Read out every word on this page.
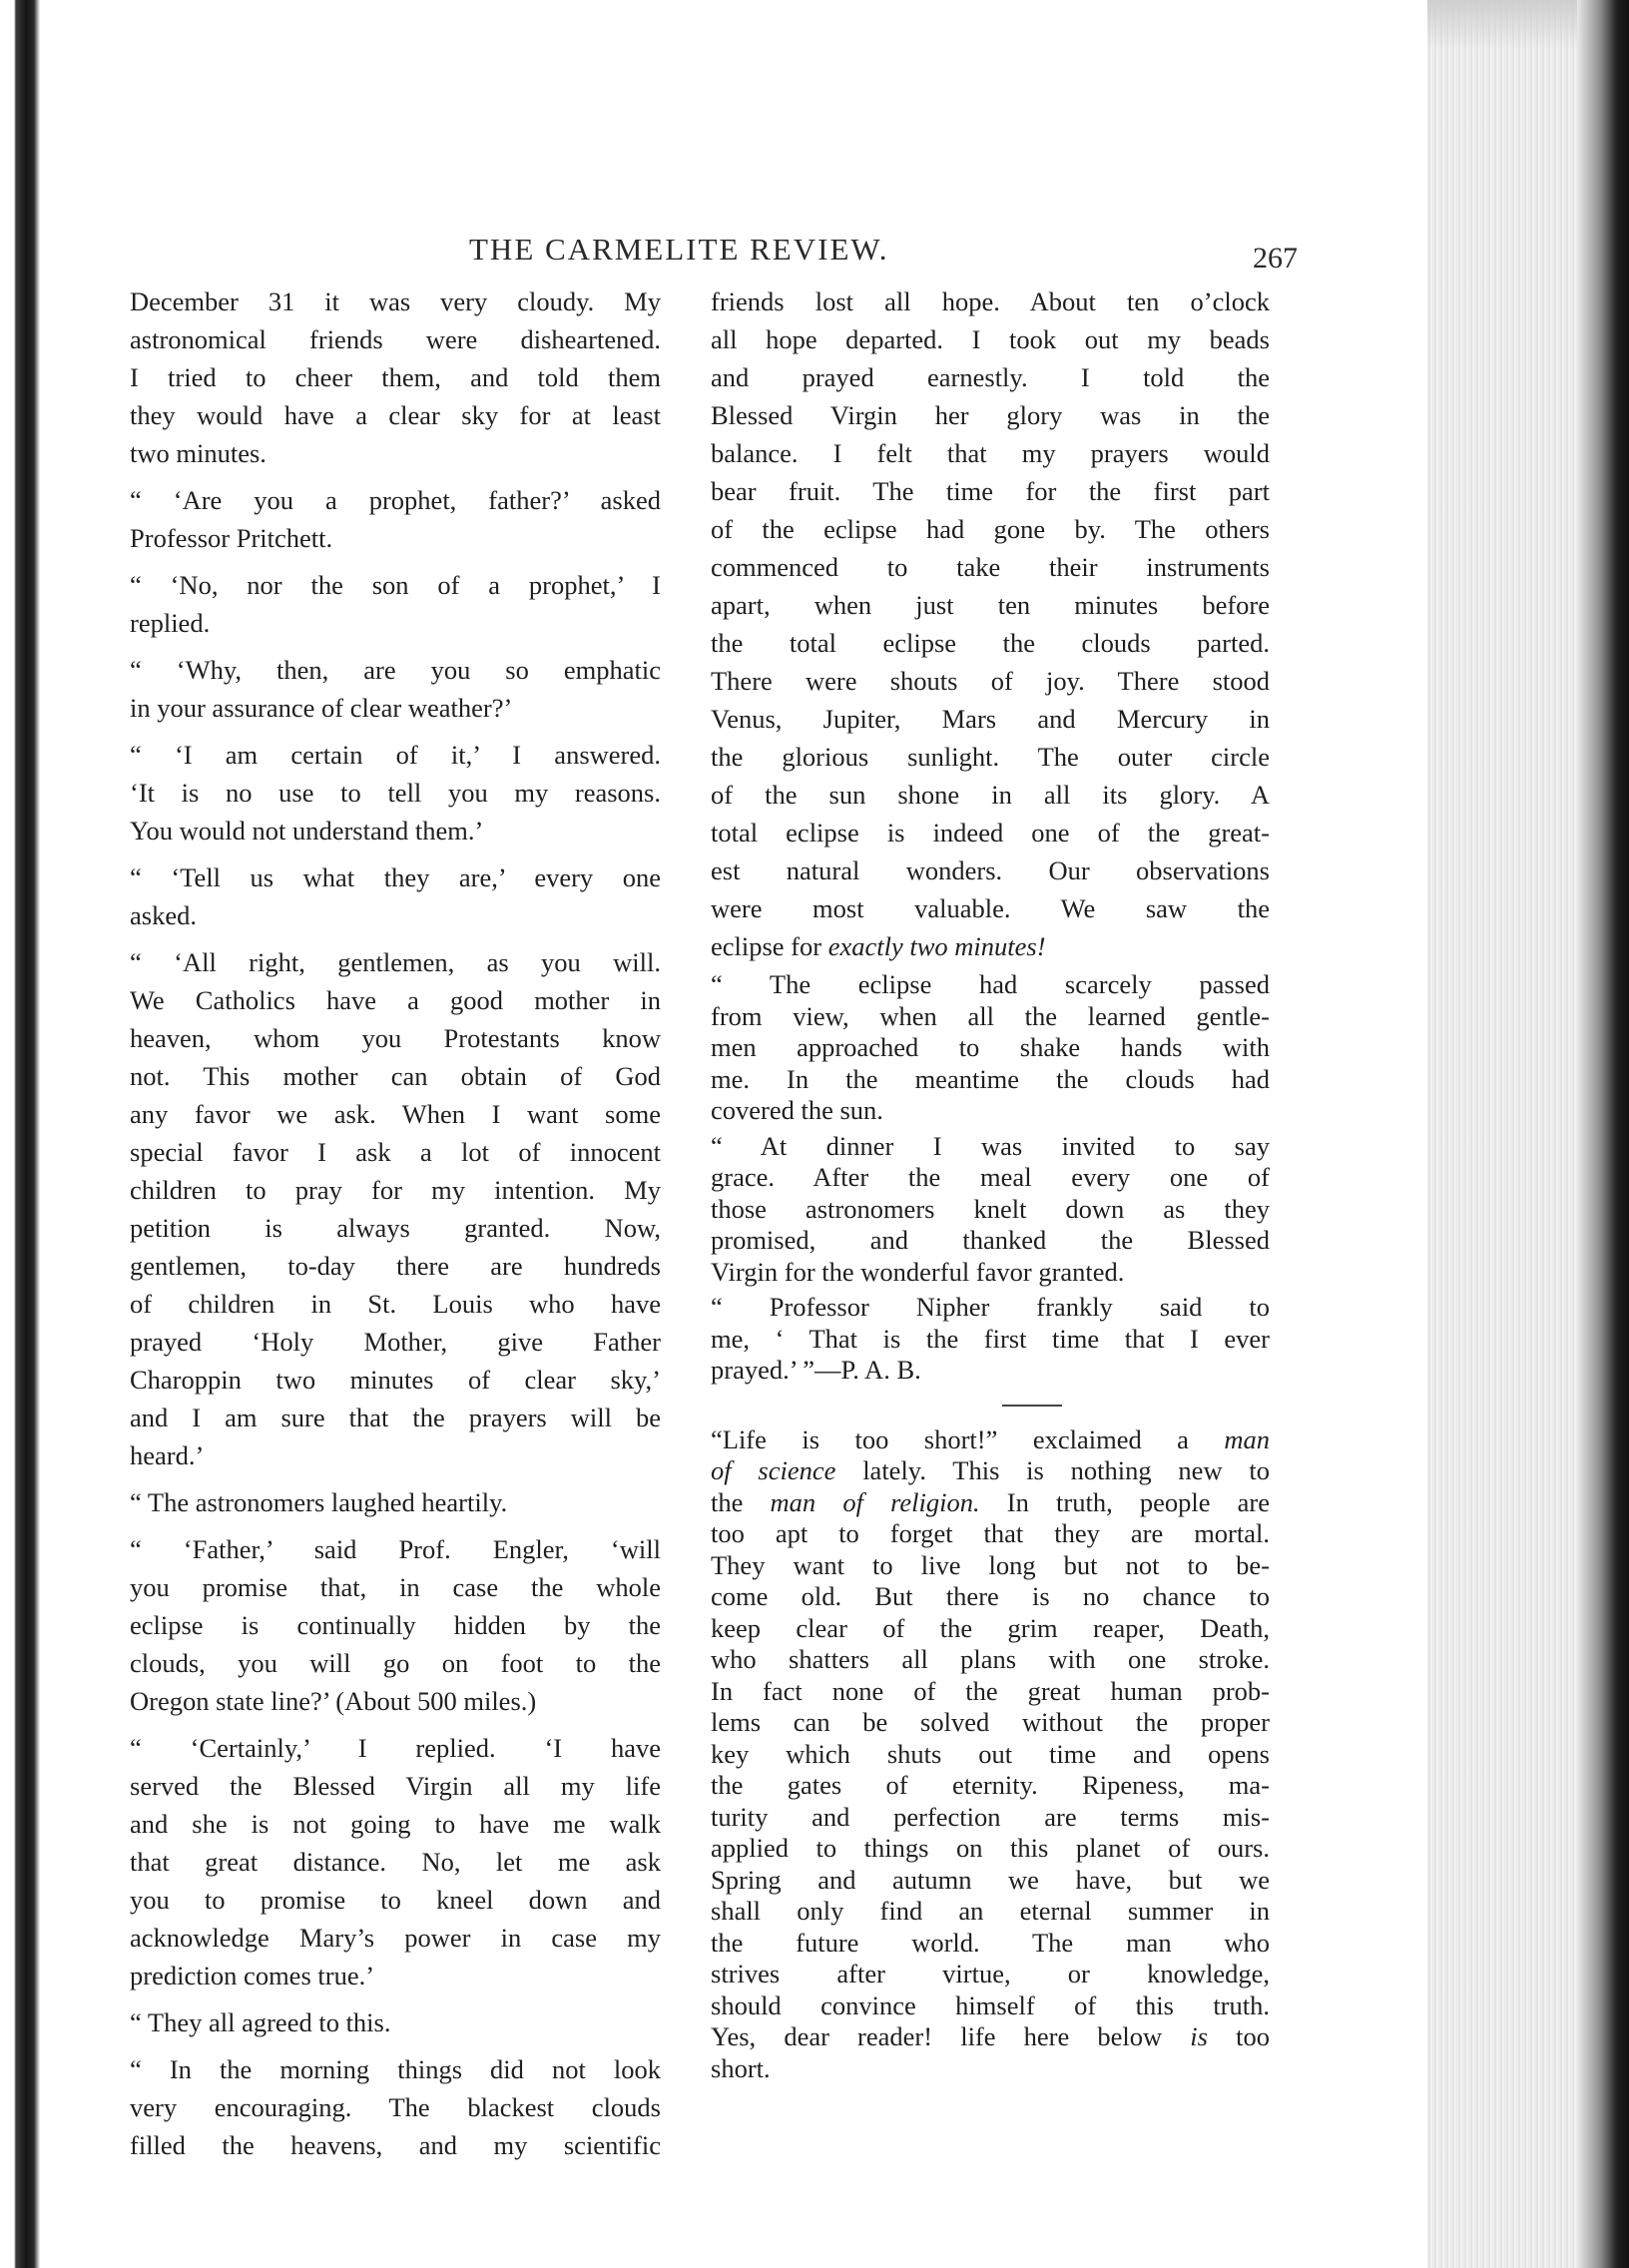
THE CARMELITE REVIEW.	267
December 31 it was very cloudy. My
astronomical friends were disheartened.
I tried to cheer them, and told them
they would have a clear sky for at least
two minutes.
“ ‘Are you a prophet, father?’ asked
Professor Pritchett.
“ ‘No, nor the son of a prophet,’ I
replied.
“ ‘Why, then, are you so emphatic
in your assurance of clear weather?’
“ ‘I am certain of it,’ I answered.
‘It is no use to tell you my reasons.
You would not understand them.’
“ ‘Tell us what they are,’ every one
asked.
“ ‘All right, gentlemen, as you will.
We Catholics have a good mother in
heaven, whom you Protestants know
not. This mother can obtain of God
any favor we ask. When I want some
special favor I ask a lot of innocent
children to pray for my intention. My
petition is always granted. Now,
gentlemen, to-day there are hundreds
of children in St. Louis who have
prayed ‘Holy Mother, give Father
Charoppin two minutes of clear sky,’
and I am sure that the prayers will be
heard.’
“ The astronomers laughed heartily.
“ ‘Father,’ said Prof. Engler, ‘will
you promise that, in case the whole
eclipse is continually hidden by the
clouds, you will go on foot to the
Oregon state line?’ (About 500 miles.)
“ ‘Certainly,’ I replied. ‘I have
served the Blessed Virgin all my life
and she is not going to have me walk
that great distance. No, let me ask
you to promise to kneel down and
acknowledge Mary’s power in case my
prediction comes true.’
“ They all agreed to this.
“ In the morning things did not look
very encouraging. The blackest clouds
filled the heavens, and my scientific
friends lost all hope. About ten o’clock
all hope departed. I took out my beads
and prayed earnestly. I told the
Blessed Virgin her glory was in the
balance. I felt that my prayers would
bear fruit. The time for the first part
of the eclipse had gone by. The others
commenced to take their instruments
apart, when just ten minutes before
the total eclipse the clouds parted.
There were shouts of joy. There stood
Venus, Jupiter, Mars and Mercury in
the glorious sunlight. The outer circle
of the sun shone in all its glory. A
total eclipse is indeed one of the great-
est natural wonders. Our observations
were most valuable. We saw the
eclipse for exactly two minutes!
“ The eclipse had scarcely passed
from view, when all the learned gentle-
men approached to shake hands with
me. In the meantime the clouds had
covered the sun.
“ At dinner I was invited to say
grace. After the meal every one of
those astronomers knelt down as they
promised, and thanked the Blessed
Virgin for the wonderful favor granted.
“ Professor Nipher frankly said to
me, ‘ That is the first time that I ever
prayed.’ ”—P. A. B.
“Life is too short!” exclaimed a man
of science lately. This is nothing new to
the man of religion. In truth, people are
too apt to forget that they are mortal.
They want to live long but not to be-
come old. But there is no chance to
keep clear of the grim reaper, Death,
who shatters all plans with one stroke.
In fact none of the great human prob-
lems can be solved without the proper
key which shuts out time and opens
the gates of eternity. Ripeness, ma-
turity and perfection are terms mis-
applied to things on this planet of ours.
Spring and autumn we have, but we
shall only find an eternal summer in
the future world. The man who
strives after virtue, or knowledge,
should convince himself of this truth.
Yes, dear reader! life here below is too
short.
